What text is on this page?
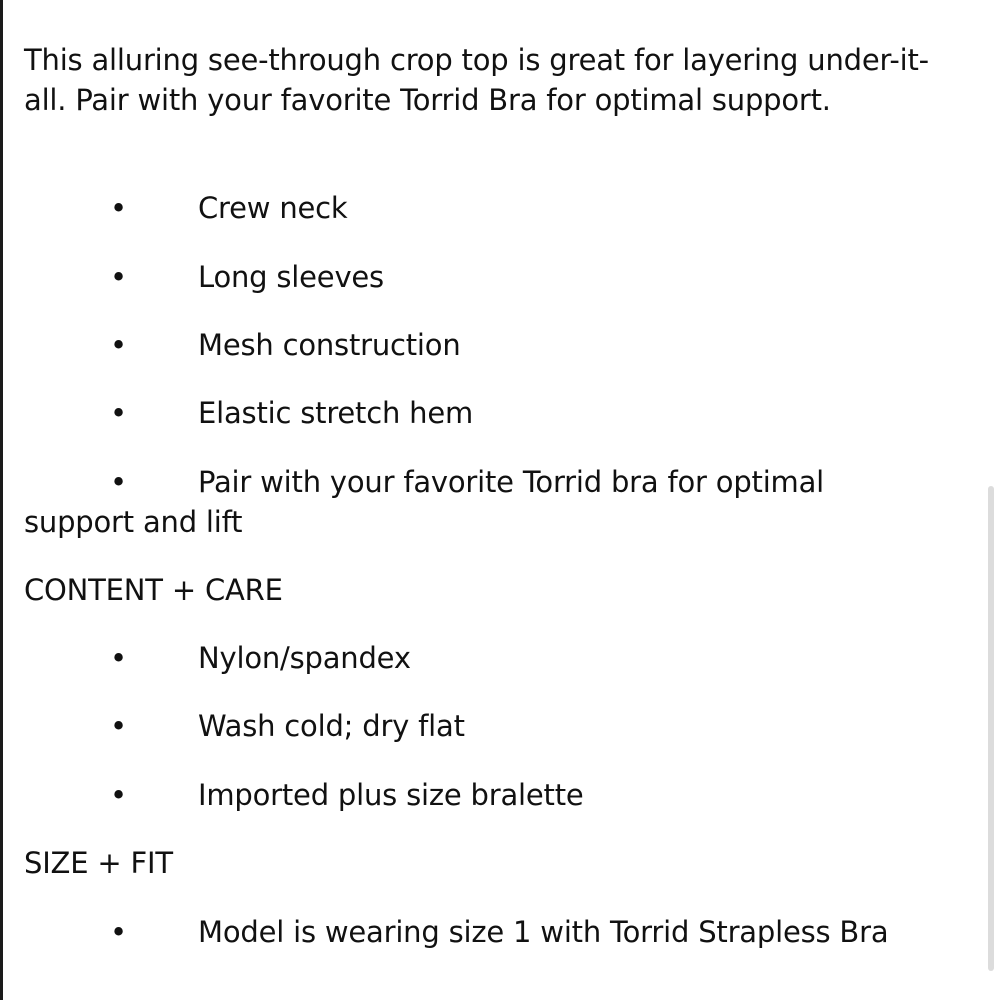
This alluring see-through crop top is great for layering under-it-
all. Pair with your favorite Torrid Bra for optimal support.
• Crew neck
• Long sleeves
• Mesh construction
• Elastic stretch hem
•	Pair with your favorite Torrid bra for optimal
support and lift
CONTENT + CARE
• Nylon/spandex
• Wash cold; dry flat
• Imported plus size bralette
SIZE + FIT
• Model is wearing size 1 with Torrid Strapless Bra
